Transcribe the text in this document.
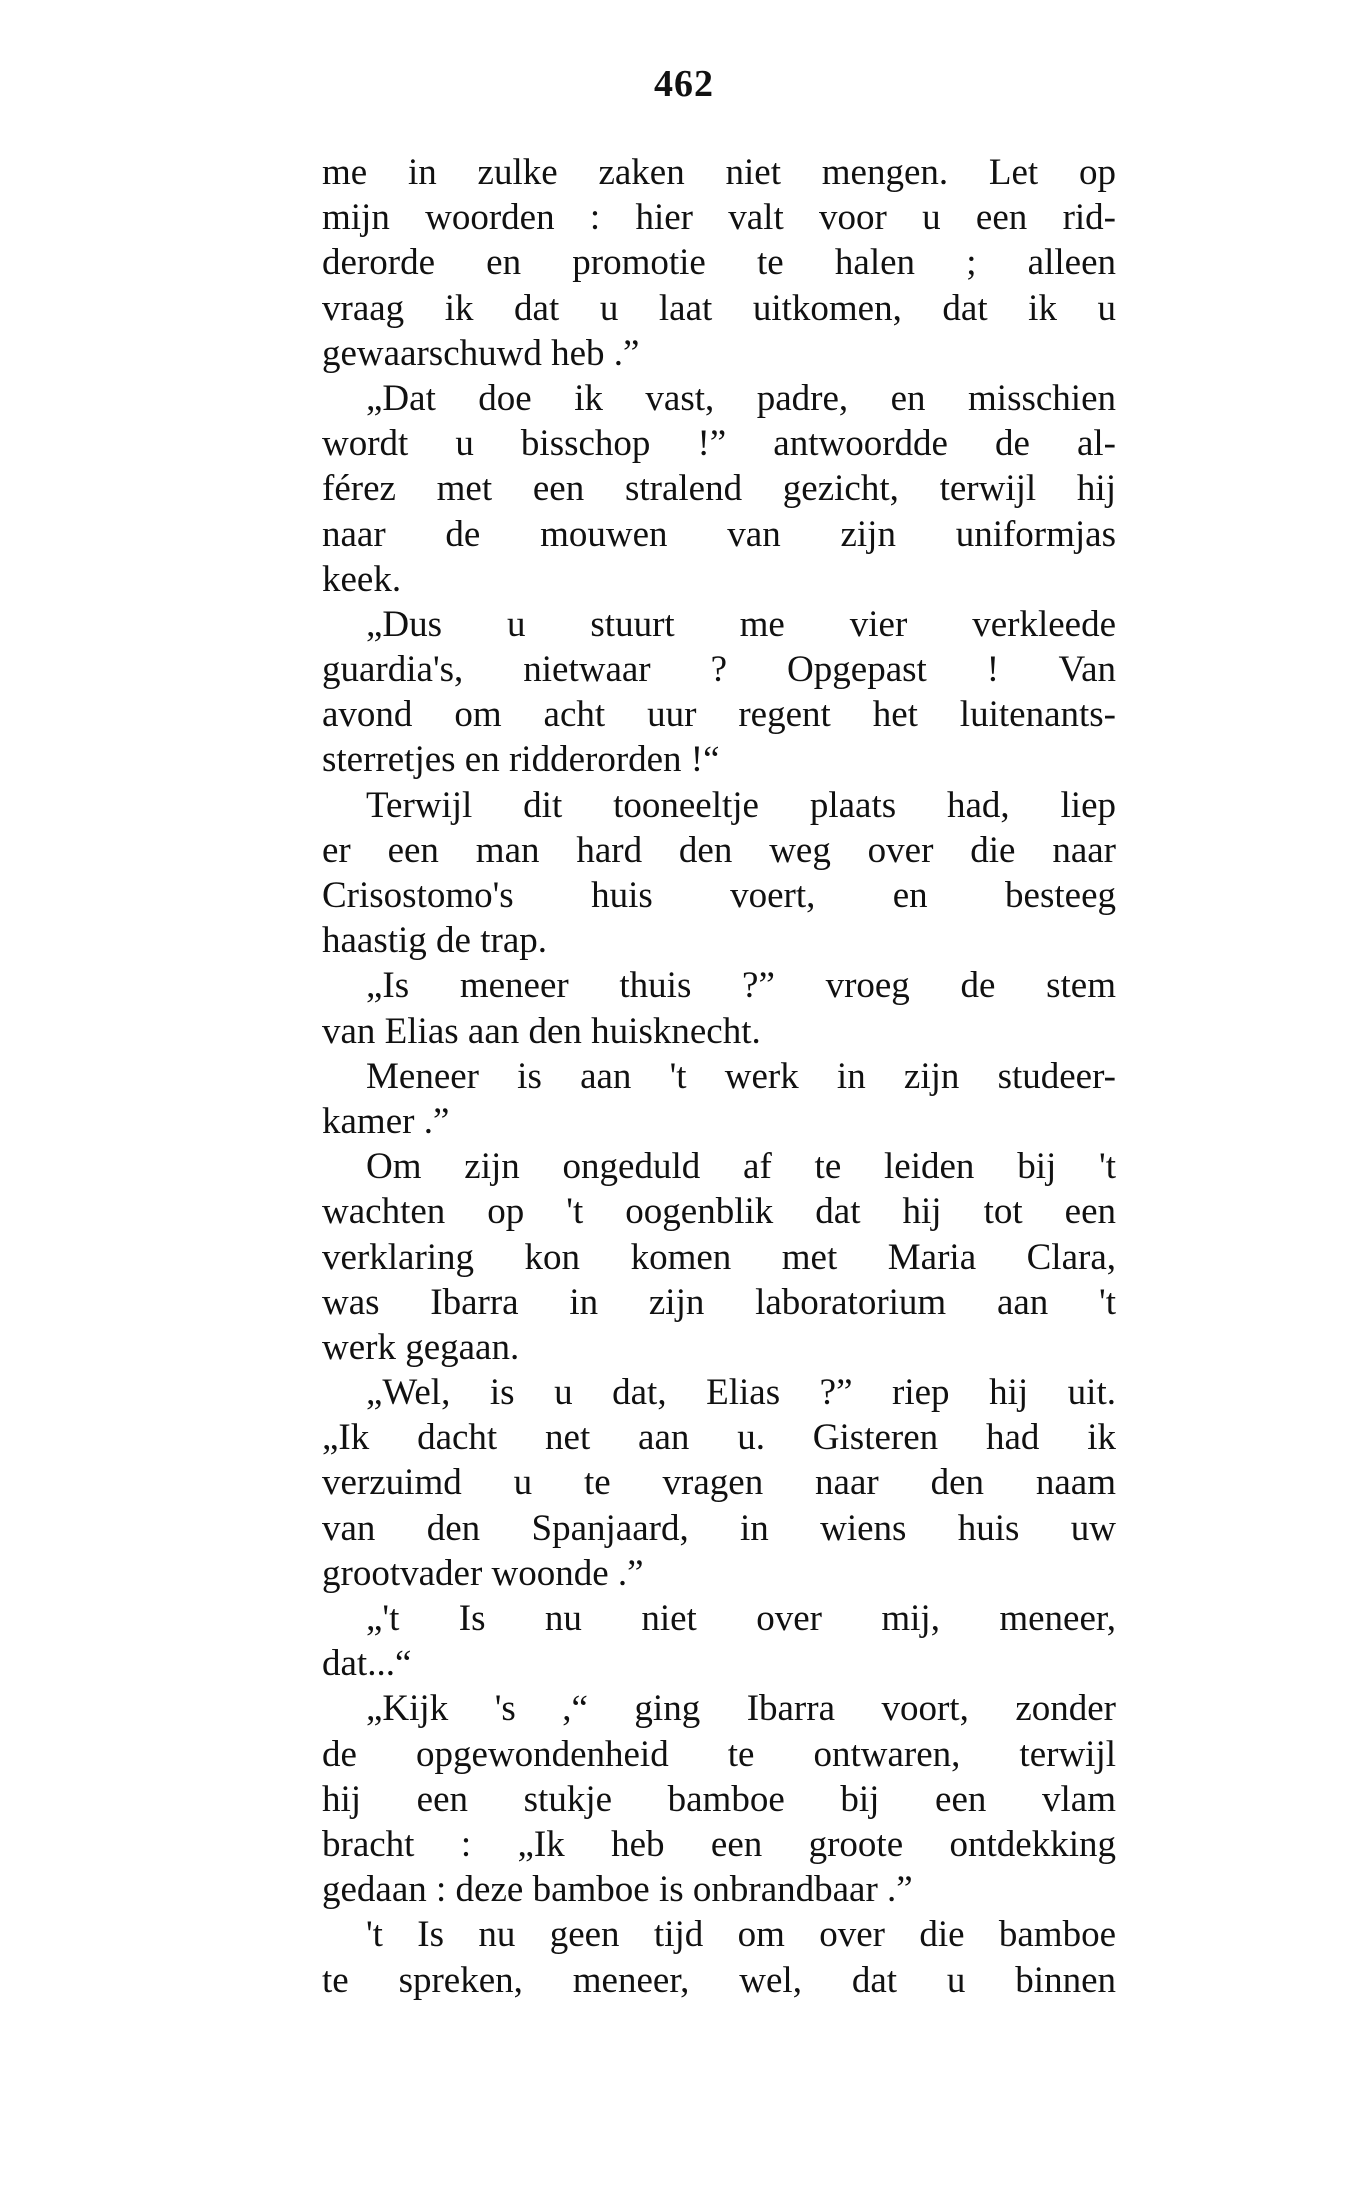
462
me in zulke zaken niet mengen. Let op
mijn woorden : hier valt voor u een rid-
derorde en promotie te halen ; alleen
vraag ik dat u laat uitkomen, dat ik u
gewaarschuwd heb .”
„Dat doe ik vast, padre, en misschien
wordt u bisschop !” antwoordde de al-
férez met een stralend gezicht, terwijl hij
naar de mouwen van zijn uniformjas
keek.
„Dus u stuurt me vier verkleede
guardia's, nietwaar ? Opgepast ! Van
avond om acht uur regent het luitenants-
sterretjes en ridderorden !“
Terwijl dit tooneeltje plaats had, liep
er een man hard den weg over die naar
Crisostomo's huis voert, en besteeg
haastig de trap.
„Is meneer thuis ?” vroeg de stem
van Elias aan den huisknecht.
Meneer is aan 't werk in zijn studeer-
kamer .”
Om zijn ongeduld af te leiden bij 't
wachten op 't oogenblik dat hij tot een
verklaring kon komen met Maria Clara,
was Ibarra in zijn laboratorium aan 't
werk gegaan.
„Wel, is u dat, Elias ?” riep hij uit.
„Ik dacht net aan u. Gisteren had ik
verzuimd u te vragen naar den naam
van den Spanjaard, in wiens huis uw
grootvader woonde .”
„'t Is nu niet over mij, meneer,
dat...“
„Kijk 's ,“ ging Ibarra voort, zonder
de opgewondenheid te ontwaren, terwijl
hij een stukje bamboe bij een vlam
bracht : „Ik heb een groote ontdekking
gedaan : deze bamboe is onbrandbaar .”
't Is nu geen tijd om over die bamboe
te spreken, meneer, wel, dat u binnen
